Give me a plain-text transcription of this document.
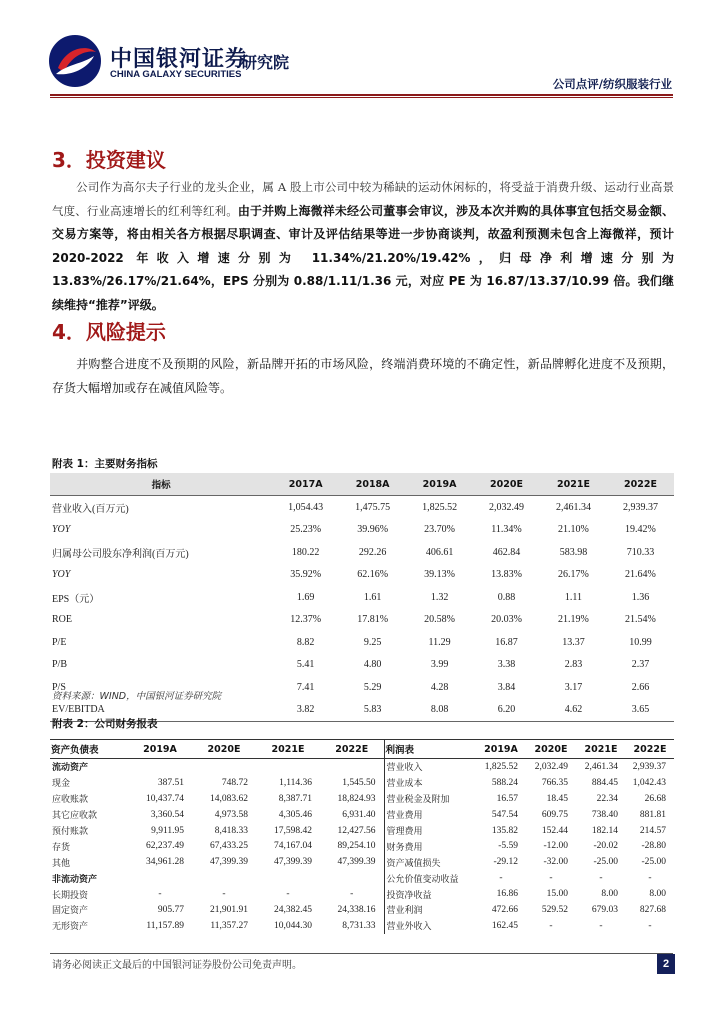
中国银河证券
CHINA GALAXY SECURITIES
研究院
公司点评/纺织服装行业
3．投资建议
公司作为高尔夫子行业的龙头企业，属 A 股上市公司中较为稀缺的运动休闲标的，将受益于消费升级、运动行业高景气度、行业高速增长的红利等红利。由于并购上海微祥未经公司董事会审议，涉及本次并购的具体事宜包括交易金额、交易方案等，将由相关各方根据尽职调查、审计及评估结果等进一步协商谈判，故盈利预测未包含上海微祥，预计 2020-2022 年收入增速分别为 11.34%/21.20%/19.42%，归母净利增速分别为 13.83%/26.17%/21.64%，EPS 分别为 0.88/1.11/1.36 元，对应 PE 为 16.87/13.37/10.99 倍。我们继续维持“推荐”评级。
4．风险提示
并购整合进度不及预期的风险，新品牌开拓的市场风险，终端消费环境的不确定性，新品牌孵化进度不及预期，存货大幅增加或存在减值风险等。
附表 1：主要财务指标
指标	2017A	2018A	2019A	2020E	2021E	2022E
营业收入(百万元)	1,054.43	1,475.75	1,825.52	2,032.49	2,461.34	2,939.37
YOY	25.23%	39.96%	23.70%	11.34%	21.10%	19.42%
归属母公司股东净利润(百万元)	180.22	292.26	406.61	462.84	583.98	710.33
YOY	35.92%	62.16%	39.13%	13.83%	26.17%	21.64%
EPS（元）	1.69	1.61	1.32	0.88	1.11	1.36
ROE	12.37%	17.81%	20.58%	20.03%	21.19%	21.54%
P/E	8.82	9.25	11.29	16.87	13.37	10.99
P/B	5.41	4.80	3.99	3.38	2.83	2.37
P/S	7.41	5.29	4.28	3.84	3.17	2.66
EV/EBITDA	3.82	5.83	8.08	6.20	4.62	3.65
资料来源：WIND，中国银河证券研究院
附表 2：公司财务报表
资产负债表	2019A	2020E	2021E	2022E	利润表	2019A	2020E	2021E	2022E
流动资产					营业收入	1,825.52	2,032.49	2,461.34	2,939.37
现金	387.51	748.72	1,114.36	1,545.50	营业成本	588.24	766.35	884.45	1,042.43
应收账款	10,437.74	14,083.62	8,387.71	18,824.93	营业税金及附加	16.57	18.45	22.34	26.68
其它应收款	3,360.54	4,973.58	4,305.46	6,931.40	营业费用	547.54	609.75	738.40	881.81
预付账款	9,911.95	8,418.33	17,598.42	12,427.56	管理费用	135.82	152.44	182.14	214.57
存货	62,237.49	67,433.25	74,167.04	89,254.10	财务费用	-5.59	-12.00	-20.02	-28.80
其他	34,961.28	47,399.39	47,399.39	47,399.39	资产减值损失	-29.12	-32.00	-25.00	-25.00
非流动资产					公允价值变动收益	-	-	-	-
长期投资	-	-	-	-	投资净收益	16.86	15.00	8.00	8.00
固定资产	905.77	21,901.91	24,382.45	24,338.16	营业利润	472.66	529.52	679.03	827.68
无形资产	11,157.89	11,357.27	10,044.30	8,731.33	营业外收入	162.45	-	-	-
请务必阅读正文最后的中国银河证券股份公司免责声明。	2
